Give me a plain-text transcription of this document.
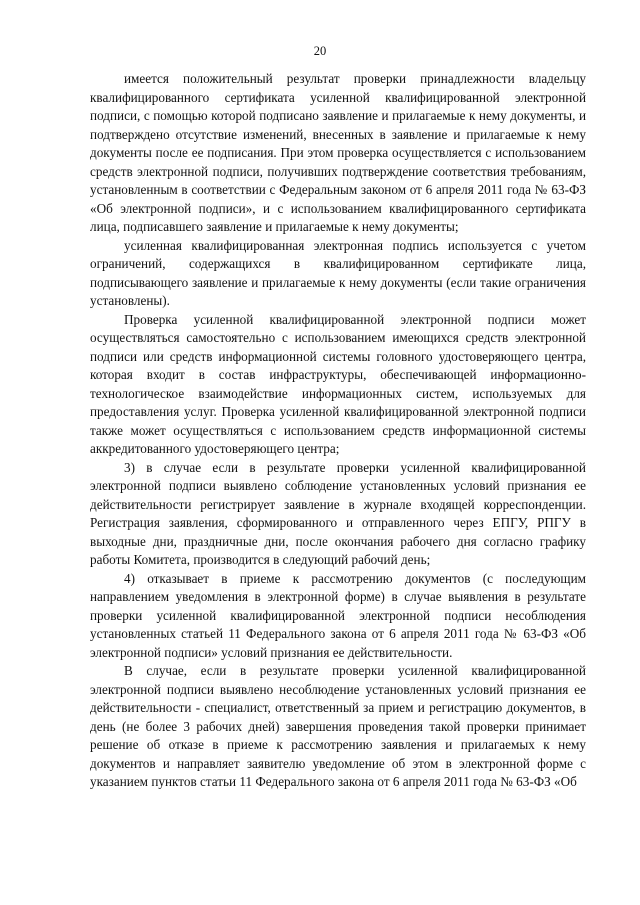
20

имеется положительный результат проверки принадлежности владельцу квалифицированного сертификата усиленной квалифицированной электронной подписи, с помощью которой подписано заявление и прилагаемые к нему документы, и подтверждено отсутствие изменений, внесенных в заявление и прилагаемые к нему документы после ее подписания. При этом проверка осуществляется с использованием средств электронной подписи, получивших подтверждение соответствия требованиям, установленным в соответствии с Федеральным законом от 6 апреля 2011 года № 63-ФЗ «Об электронной подписи», и с использованием квалифицированного сертификата лица, подписавшего заявление и прилагаемые к нему документы;

усиленная квалифицированная электронная подпись используется с учетом ограничений, содержащихся в квалифицированном сертификате лица, подписывающего заявление и прилагаемые к нему документы (если такие ограничения установлены).

Проверка усиленной квалифицированной электронной подписи может осуществляться самостоятельно с использованием имеющихся средств электронной подписи или средств информационной системы головного удостоверяющего центра, которая входит в состав инфраструктуры, обеспечивающей информационно-технологическое взаимодействие информационных систем, используемых для предоставления услуг. Проверка усиленной квалифицированной электронной подписи также может осуществляться с использованием средств информационной системы аккредитованного удостоверяющего центра;

3) в случае если в результате проверки усиленной квалифицированной электронной подписи выявлено соблюдение установленных условий признания ее действительности регистрирует заявление в журнале входящей корреспонденции. Регистрация заявления, сформированного и отправленного через ЕПГУ, РПГУ в выходные дни, праздничные дни, после окончания рабочего дня согласно графику работы Комитета, производится в следующий рабочий день;

4) отказывает в приеме к рассмотрению документов (с последующим направлением уведомления в электронной форме) в случае выявления в результате проверки усиленной квалифицированной электронной подписи несоблюдения установленных статьей 11 Федерального закона от 6 апреля 2011 года № 63-ФЗ «Об электронной подписи» условий признания ее действительности.

В случае, если в результате проверки усиленной квалифицированной электронной подписи выявлено несоблюдение установленных условий признания ее действительности - специалист, ответственный за прием и регистрацию документов, в день (не более 3 рабочих дней) завершения проведения такой проверки принимает решение об отказе в приеме к рассмотрению заявления и прилагаемых к нему документов и направляет заявителю уведомление об этом в электронной форме с указанием пунктов статьи 11 Федерального закона от 6 апреля 2011 года № 63-ФЗ «Об
